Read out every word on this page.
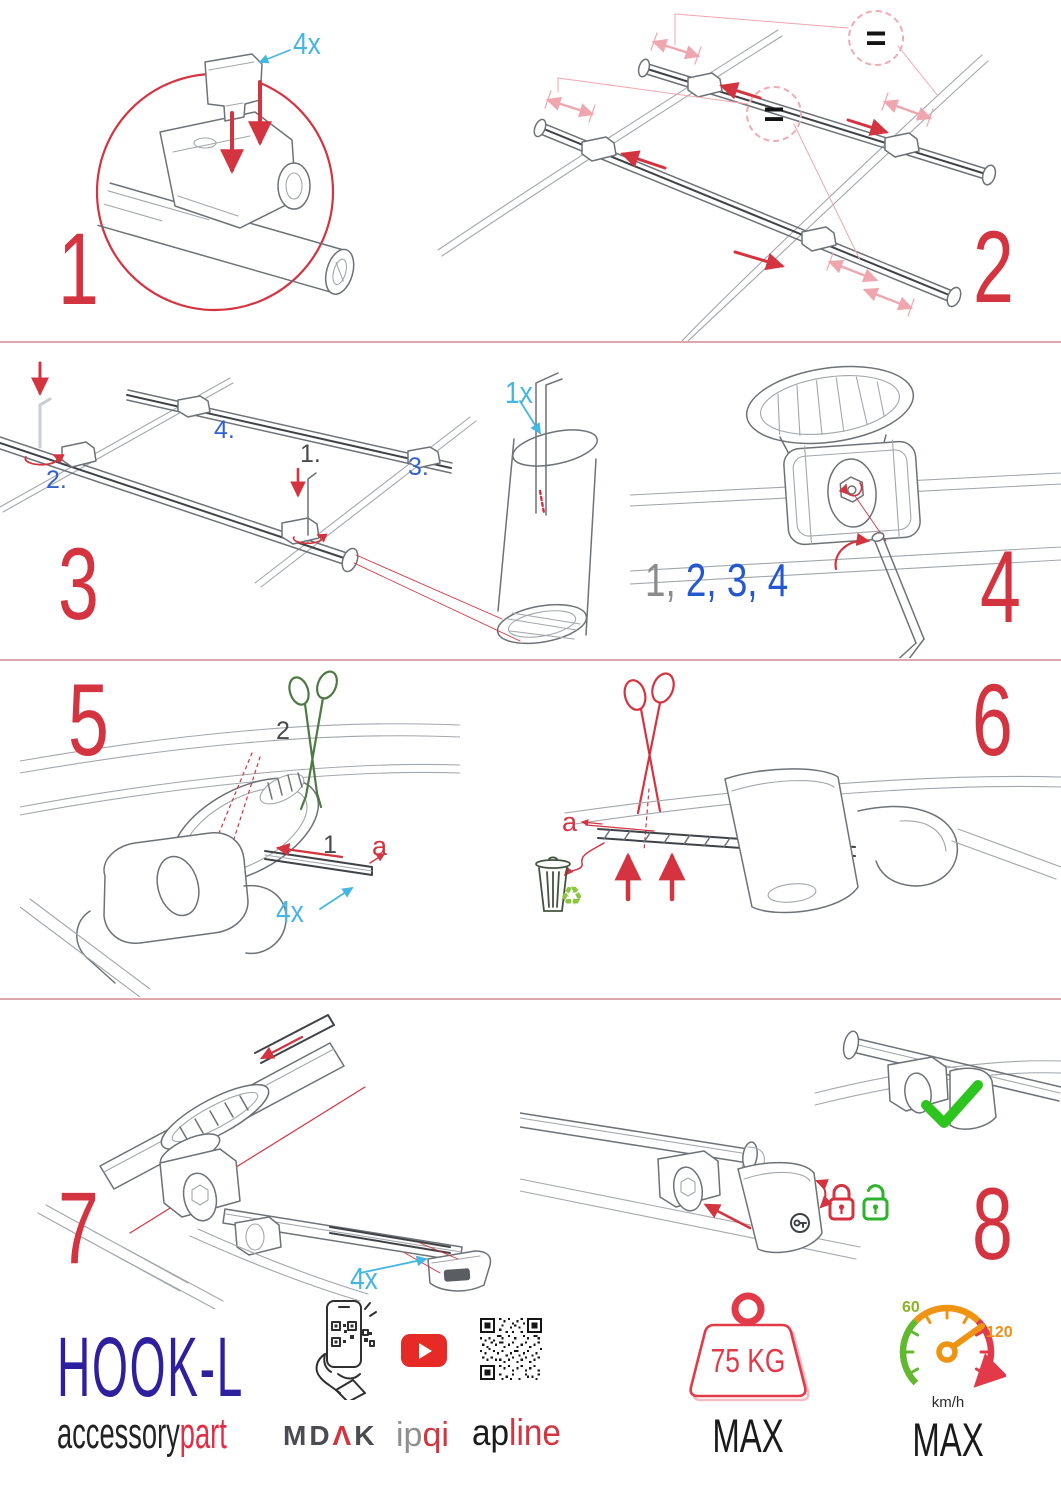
4x
1	2
=
=
1x
2.
4.
1.	3.
3	1, 2, 3, 4 4
5	2
1 a
4x
a
♻
6
7	4x	8
HOOK-L
accessorypart MDΛK ipqi apline
75 KG
MAX
60
120
km/h
MAX
